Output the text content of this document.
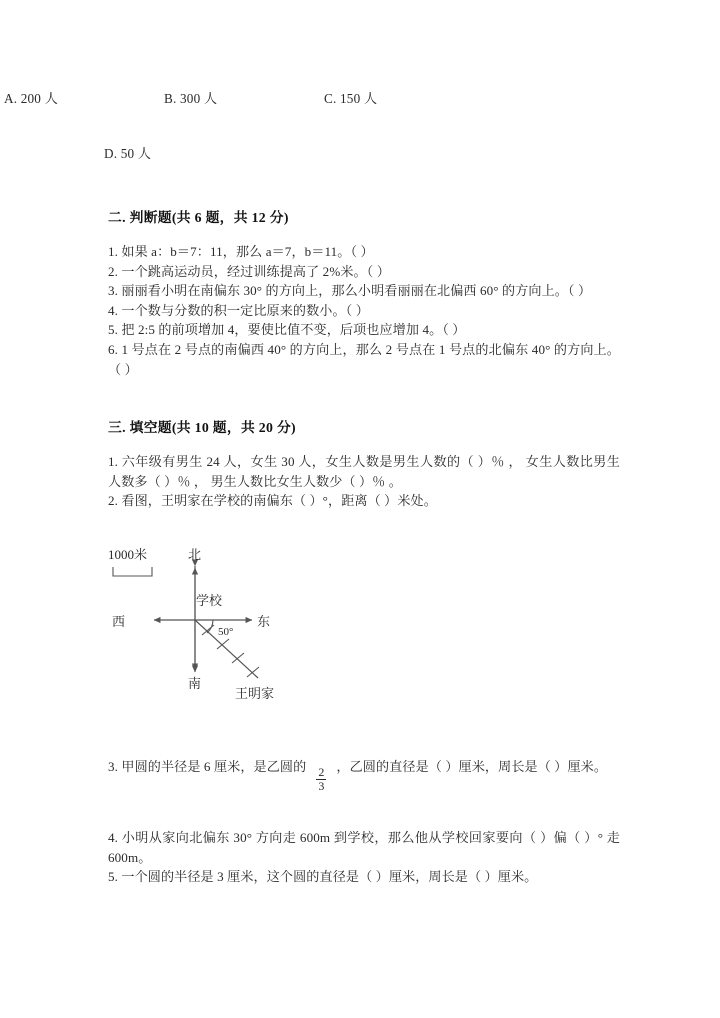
A. 200 人	B. 300 人	C. 150 人
D. 50 人
二. 判断题(共 6 题，共 12 分)
1. 如果 a：b＝7：11，那么 a＝7，b＝11。（ ）
2. 一个跳高运动员，经过训练提高了 2%米。（ ）
3. 丽丽看小明在南偏东 30° 的方向上，那么小明看丽丽在北偏西 60° 的方向上。（ ）
4. 一个数与分数的积一定比原来的数小。（ ）
5. 把 2:5 的前项增加 4，要使比值不变，后项也应增加 4。（ ）
6. 1 号点在 2 号点的南偏西 40° 的方向上，那么 2 号点在 1 号点的北偏东 40° 的方向上。（ ）
三. 填空题(共 10 题，共 20 分)
1. 六年级有男生 24 人，女生 30 人，女生人数是男生人数的（ ）％ ， 女生人数比男生人数多（ ）％ ， 男生人数比女生人数少（ ）％ 。
2. 看图，王明家在学校的南偏东（ ）°，距离（ ）米处。
3. 甲圆的半径是 6 厘米，是乙圆的 $\frac{2}{3}$ ，乙圆的直径是（ ）厘米，周长是（ ）厘米。
4. 小明从家向北偏东 30° 方向走 600m 到学校，那么他从学校回家要向（ ）偏（ ）° 走 600m。
5. 一个圆的半径是 3 厘米，这个圆的直径是（ ）厘米，周长是（ ）厘米。
1000米	北
南
东
西
学校
50°
王明家
